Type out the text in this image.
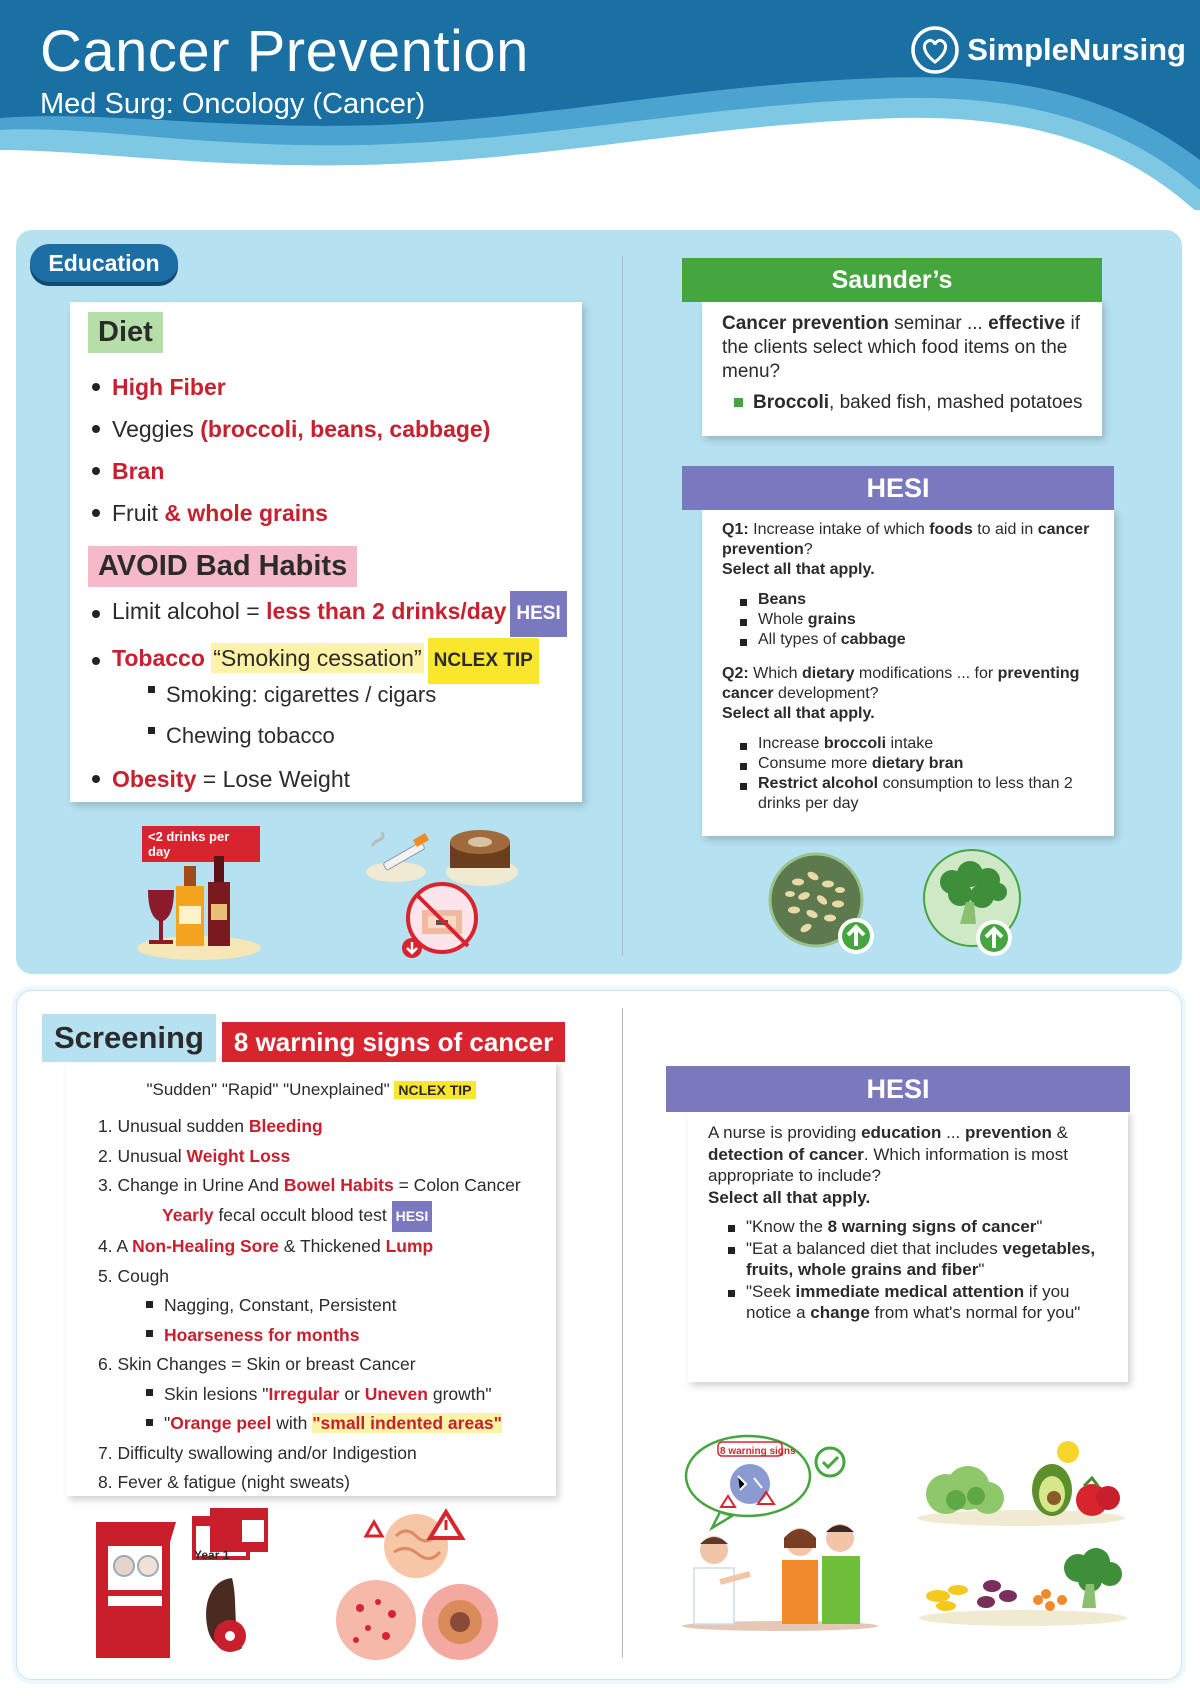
Cancer Prevention
Med Surg: Oncology (Cancer)
SimpleNursing
Education
Diet
High Fiber
Veggies (broccoli, beans, cabbage)
Bran
Fruit & whole grains
AVOID Bad Habits
Limit alcohol = less than 2 drinks/day HESI
Tobacco “Smoking cessation” NCLEX TIP
Smoking: cigarettes / cigars
Chewing tobacco
Obesity = Lose Weight
<2 drinks per day
Cancer prevention seminar ... effective if the clients select which food items on the menu?
Broccoli, baked fish, mashed potatoes
Saunder’s
Q1: Increase intake of which foods to aid in cancer prevention?
Select all that apply.
Beans
Whole grains
All types of cabbage
Q2: Which dietary modifications ... for preventing cancer development?
Select all that apply.
Increase broccoli intake
Consume more dietary bran
Restrict alcohol consumption to less than 2 drinks per day
HESI
"Sudden" "Rapid" "Unexplained" NCLEX TIP
1. Unusual sudden Bleeding
2. Unusual Weight Loss
3. Change in Urine And Bowel Habits = Colon Cancer
Yearly fecal occult blood test HESI
4. A Non-Healing Sore & Thickened Lump
5. Cough
Nagging, Constant, Persistent
Hoarseness for months
6. Skin Changes = Skin or breast Cancer
Skin lesions "Irregular or Uneven growth"
"Orange peel with "small indented areas"
7. Difficulty swallowing and/or Indigestion
8. Fever & fatigue (night sweats)
Screening	8 warning signs of cancer
Year 1
A nurse is providing education ... prevention & detection of cancer. Which information is most appropriate to include?
Select all that apply.
"Know the 8 warning signs of cancer"
"Eat a balanced diet that includes vegetables, fruits, whole grains and fiber"
"Seek immediate medical attention if you notice a change from what's normal for you"
HESI
8 warning signs
